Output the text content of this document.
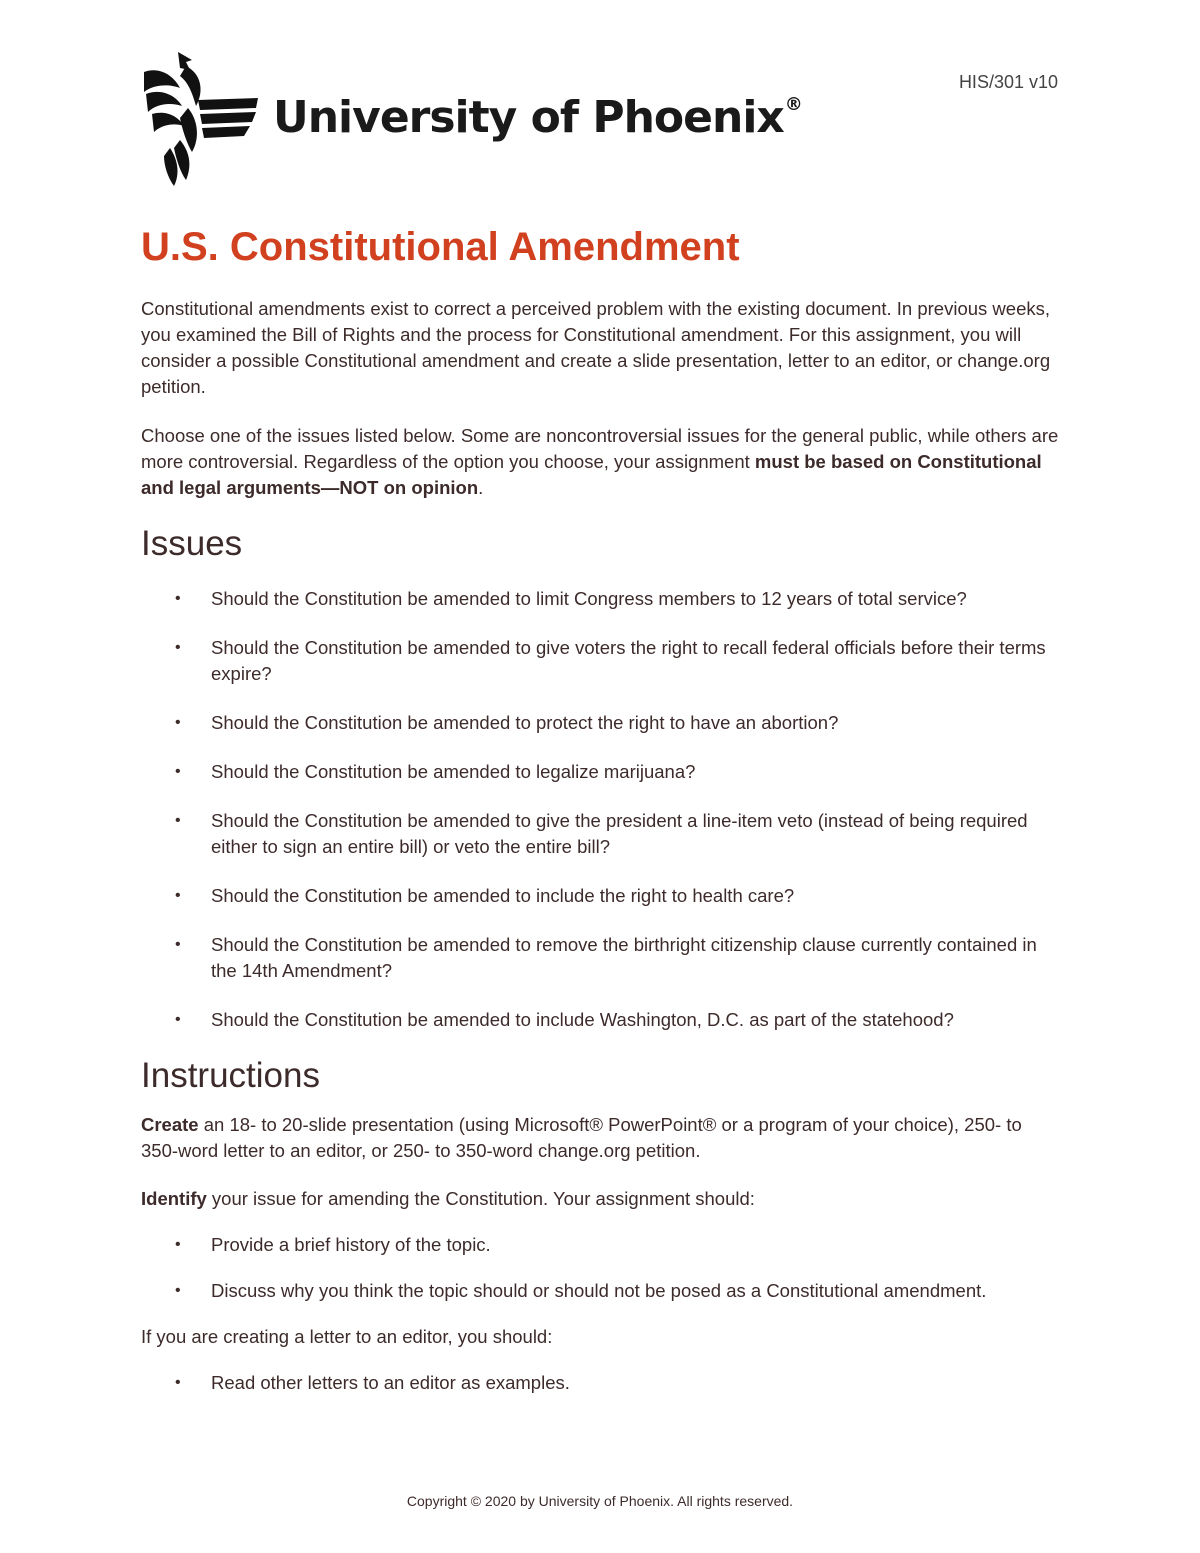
University of Phoenix®
HIS/301 v10
U.S. Constitutional Amendment

Constitutional amendments exist to correct a perceived problem with the existing document. In previous weeks, you examined the Bill of Rights and the process for Constitutional amendment. For this assignment, you will consider a possible Constitutional amendment and create a slide presentation, letter to an editor, or change.org petition.

Choose one of the issues listed below. Some are noncontroversial issues for the general public, while others are more controversial. Regardless of the option you choose, your assignment must be based on Constitutional and legal arguments—NOT on opinion.

Issues
• Should the Constitution be amended to limit Congress members to 12 years of total service?
• Should the Constitution be amended to give voters the right to recall federal officials before their terms expire?
• Should the Constitution be amended to protect the right to have an abortion?
• Should the Constitution be amended to legalize marijuana?
• Should the Constitution be amended to give the president a line-item veto (instead of being required either to sign an entire bill) or veto the entire bill?
• Should the Constitution be amended to include the right to health care?
• Should the Constitution be amended to remove the birthright citizenship clause currently contained in the 14th Amendment?
• Should the Constitution be amended to include Washington, D.C. as part of the statehood?
Instructions

Create an 18- to 20-slide presentation (using Microsoft® PowerPoint® or a program of your choice), 250- to 350-word letter to an editor, or 250- to 350-word change.org petition.

Identify your issue for amending the Constitution. Your assignment should:

• Provide a brief history of the topic.
• Discuss why you think the topic should or should not be posed as a Constitutional amendment.

If you are creating a letter to an editor, you should:

• Read other letters to an editor as examples.
Copyright © 2020 by University of Phoenix. All rights reserved.
